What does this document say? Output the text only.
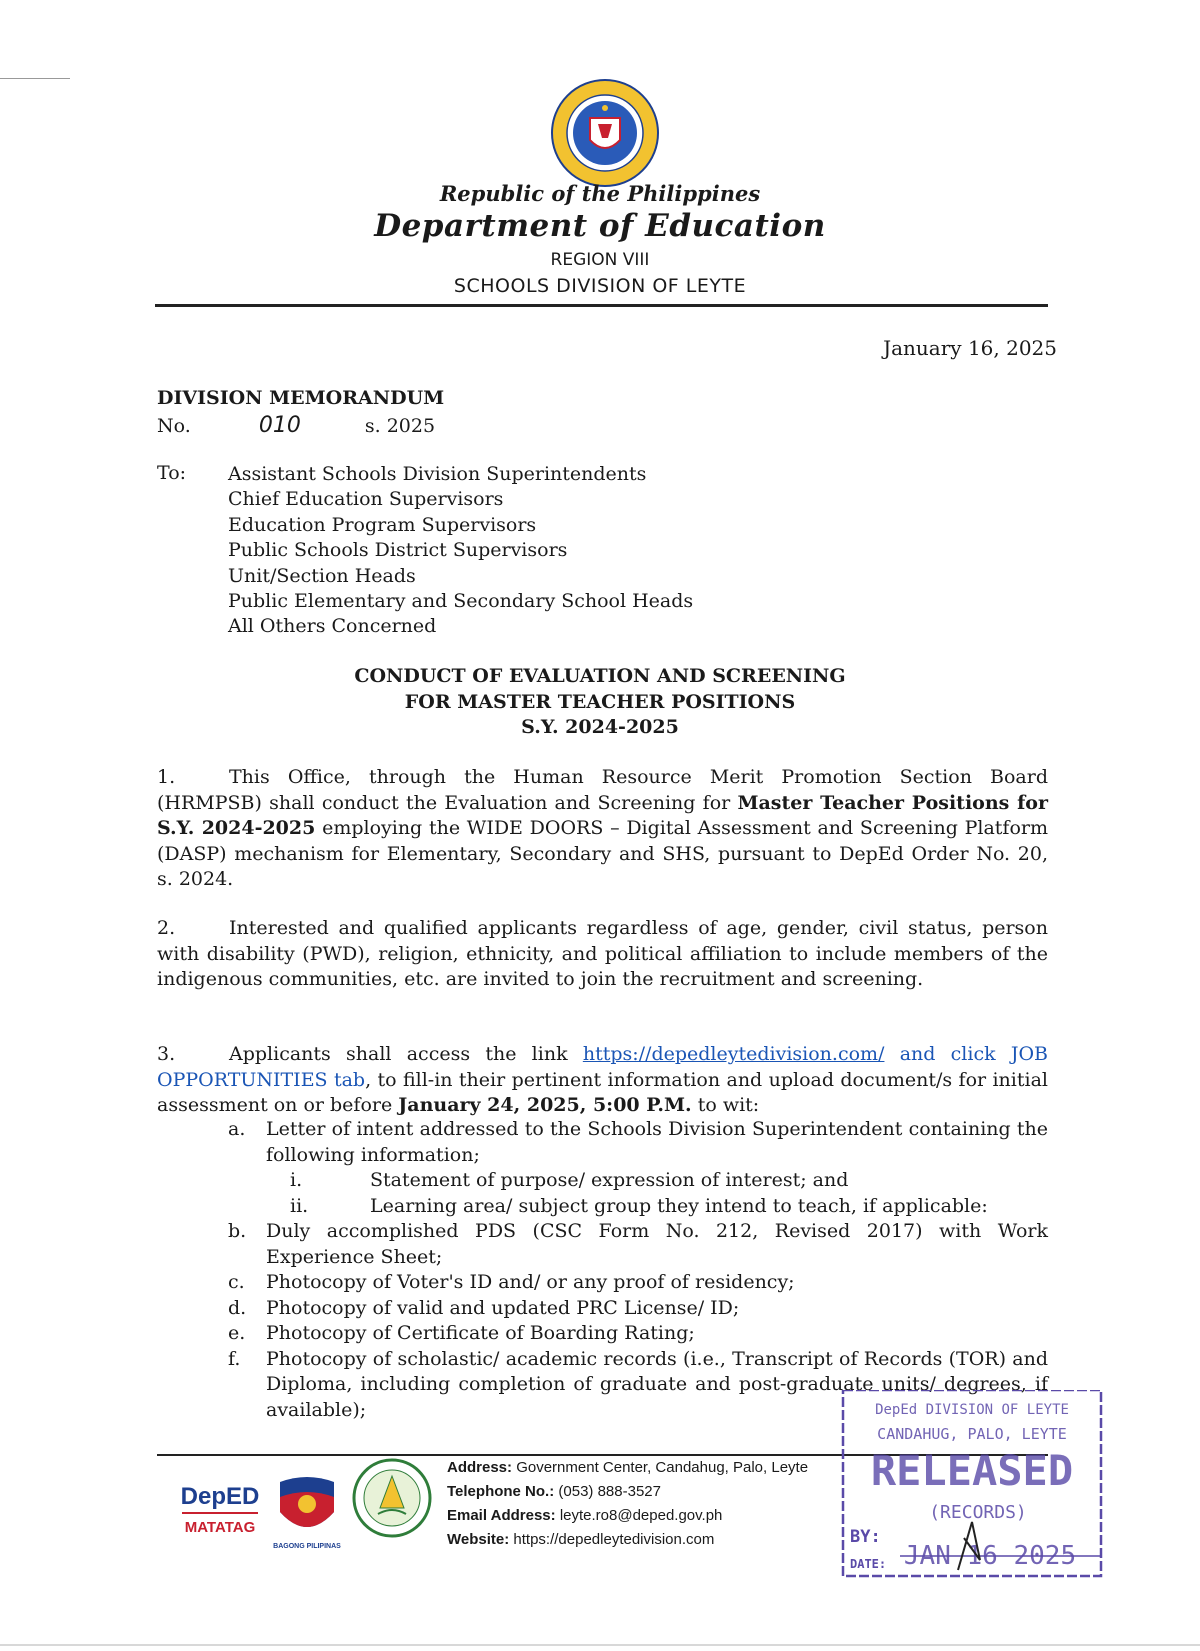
Republic of the Philippines
Department of Education
REGION VIII
SCHOOLS DIVISION OF LEYTE
January 16, 2025
DIVISION MEMORANDUM
No.	010	s. 2025
To: Assistant Schools Division Superintendents
Chief Education Supervisors
Education Program Supervisors
Public Schools District Supervisors
Unit/Section Heads
Public Elementary and Secondary School Heads
All Others Concerned
CONDUCT OF EVALUATION AND SCREENING
FOR MASTER TEACHER POSITIONS
S.Y. 2024-2025
1.	This Office, through the Human Resource Merit Promotion Section Board (HRMPSB) shall conduct the Evaluation and Screening for Master Teacher Positions for S.Y. 2024-2025 employing the WIDE DOORS – Digital Assessment and Screening Platform (DASP) mechanism for Elementary, Secondary and SHS, pursuant to DepEd Order No. 20, s. 2024.
2.	Interested and qualified applicants regardless of age, gender, civil status, person with disability (PWD), religion, ethnicity, and political affiliation to include members of the indigenous communities, etc. are invited to join the recruitment and screening.
3.	Applicants shall access the link https://depedleytedivision.com/ and click JOB OPPORTUNITIES tab, to fill-in their pertinent information and upload document/s for initial assessment on or before January 24, 2025, 5:00 P.M. to wit:
a.	Letter of intent addressed to the Schools Division Superintendent containing the following information;
i.	Statement of purpose/ expression of interest; and
ii.	Learning area/ subject group they intend to teach, if applicable:
b.	Duly accomplished PDS (CSC Form No. 212, Revised 2017) with Work Experience Sheet;
c.	Photocopy of Voter's ID and/ or any proof of residency;
d.	Photocopy of valid and updated PRC License/ ID;
e.	Photocopy of Certificate of Boarding Rating;
f.	Photocopy of scholastic/ academic records (i.e., Transcript of Records (TOR) and Diploma, including completion of graduate and post-graduate units/ degrees, if available);
DepED
MATATAG
BAGONG PILIPINAS
Address: Government Center, Candahug, Palo, Leyte
Telephone No.: (053) 888-3527
Email Address: leyte.ro8@deped.gov.ph
Website: https://depedleytedivision.com
DepEd DIVISION OF LEYTE
CANDAHUG, PALO, LEYTE
RELEASED
(RECORDS)
BY:
DATE: JAN 16 2025
